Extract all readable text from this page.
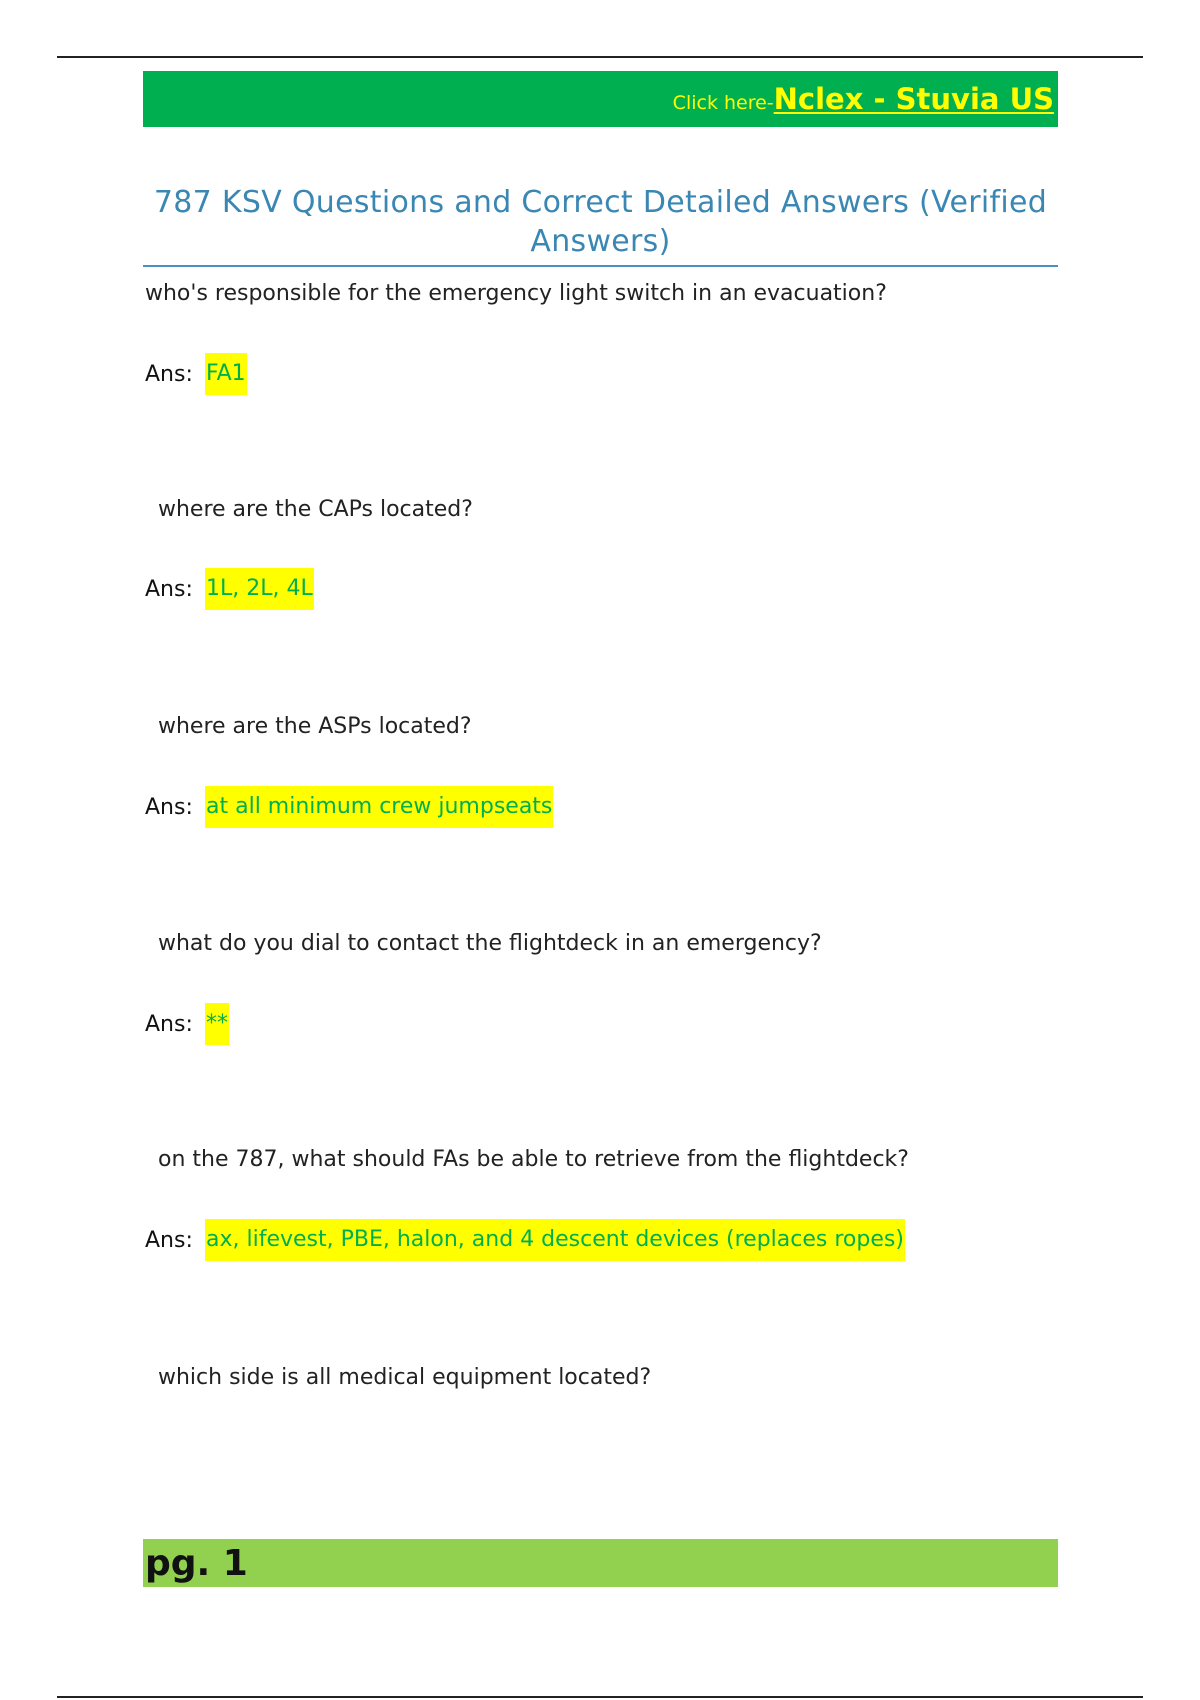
Click here- Nclex - Stuvia US
787 KSV Questions and Correct Detailed Answers (Verified Answers)
who's responsible for the emergency light switch in an evacuation?
Ans: FA1
where are the CAPs located?
Ans: 1L, 2L, 4L
where are the ASPs located?
Ans: at all minimum crew jumpseats
what do you dial to contact the flightdeck in an emergency?
Ans: **
on the 787, what should FAs be able to retrieve from the flightdeck?
Ans: ax, lifevest, PBE, halon, and 4 descent devices (replaces ropes)
which side is all medical equipment located?
pg. 1
